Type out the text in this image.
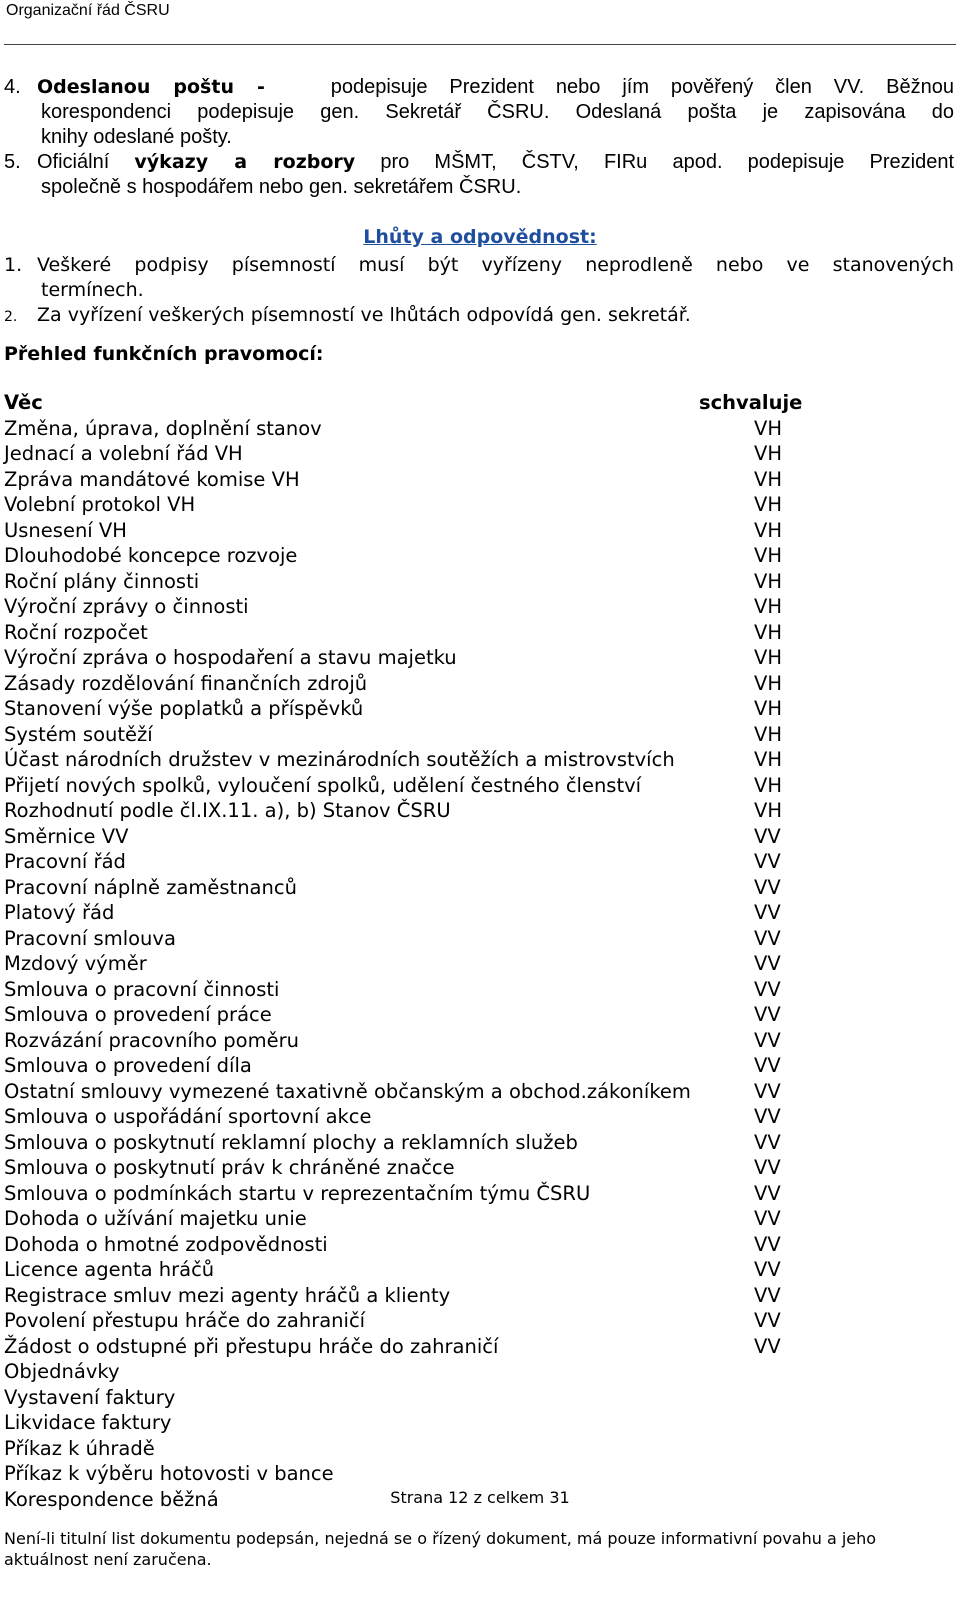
Organizační řád ČSRU
4. Odeslanou poštu -	podepisuje Prezident nebo jím pověřený člen VV. Běžnou
korespondenci podepisuje gen. Sekretář ČSRU. Odeslaná pošta je zapisována do
knihy odeslané pošty.
5. Oficiální výkazy a rozbory pro MŠMT, ČSTV, FIRu apod. podepisuje Prezident
společně s hospodářem nebo gen. sekretářem ČSRU.
Lhůty a odpovědnost:
1. Veškeré podpisy písemností musí být vyřízeny neprodleně nebo ve stanovených
termínech.
2. Za vyřízení veškerých písemností ve lhůtách odpovídá gen. sekretář.
Přehled funkčních pravomocí:
Věc	schvaluje
Změna, úprava, doplnění stanov	VH
Jednací a volební řád VH	VH
Zpráva mandátové komise VH	VH
Volební protokol VH	VH
Usnesení VH	VH
Dlouhodobé koncepce rozvoje	VH
Roční plány činnosti	VH
Výroční zprávy o činnosti	VH
Roční rozpočet	VH
Výroční zpráva o hospodaření a stavu majetku	VH
Zásady rozdělování finančních zdrojů	VH
Stanovení výše poplatků a příspěvků	VH
Systém soutěží	VH
Účast národních družstev v mezinárodních soutěžích a mistrovstvích	VH
Přijetí nových spolků, vyloučení spolků, udělení čestného členství	VH
Rozhodnutí podle čl.IX.11. a), b) Stanov ČSRU	VH
Směrnice VV	VV
Pracovní řád	VV
Pracovní náplně zaměstnanců	VV
Platový řád	VV
Pracovní smlouva	VV
Mzdový výměr	VV
Smlouva o pracovní činnosti	VV
Smlouva o provedení práce	VV
Rozvázání pracovního poměru	VV
Smlouva o provedení díla	VV
Ostatní smlouvy vymezené taxativně občanským a obchod.zákoníkem	VV
Smlouva o uspořádání sportovní akce	VV
Smlouva o poskytnutí reklamní plochy a reklamních služeb	VV
Smlouva o poskytnutí práv k chráněné značce	VV
Smlouva o podmínkách startu v reprezentačním týmu ČSRU	VV
Dohoda o užívání majetku unie	VV
Dohoda o hmotné zodpovědnosti	VV
Licence agenta hráčů	VV
Registrace smluv mezi agenty hráčů a klienty	VV
Povolení přestupu hráče do zahraničí	VV
Žádost o odstupné při přestupu hráče do zahraničí	VV
Objednávky
Vystavení faktury
Likvidace faktury
Příkaz k úhradě
Příkaz k výběru hotovosti v bance
Korespondence běžná	Strana 12 z celkem 31
Není-li titulní list dokumentu podepsán, nejedná se o řízený dokument, má pouze informativní povahu a jeho aktuálnost není zaručena.
